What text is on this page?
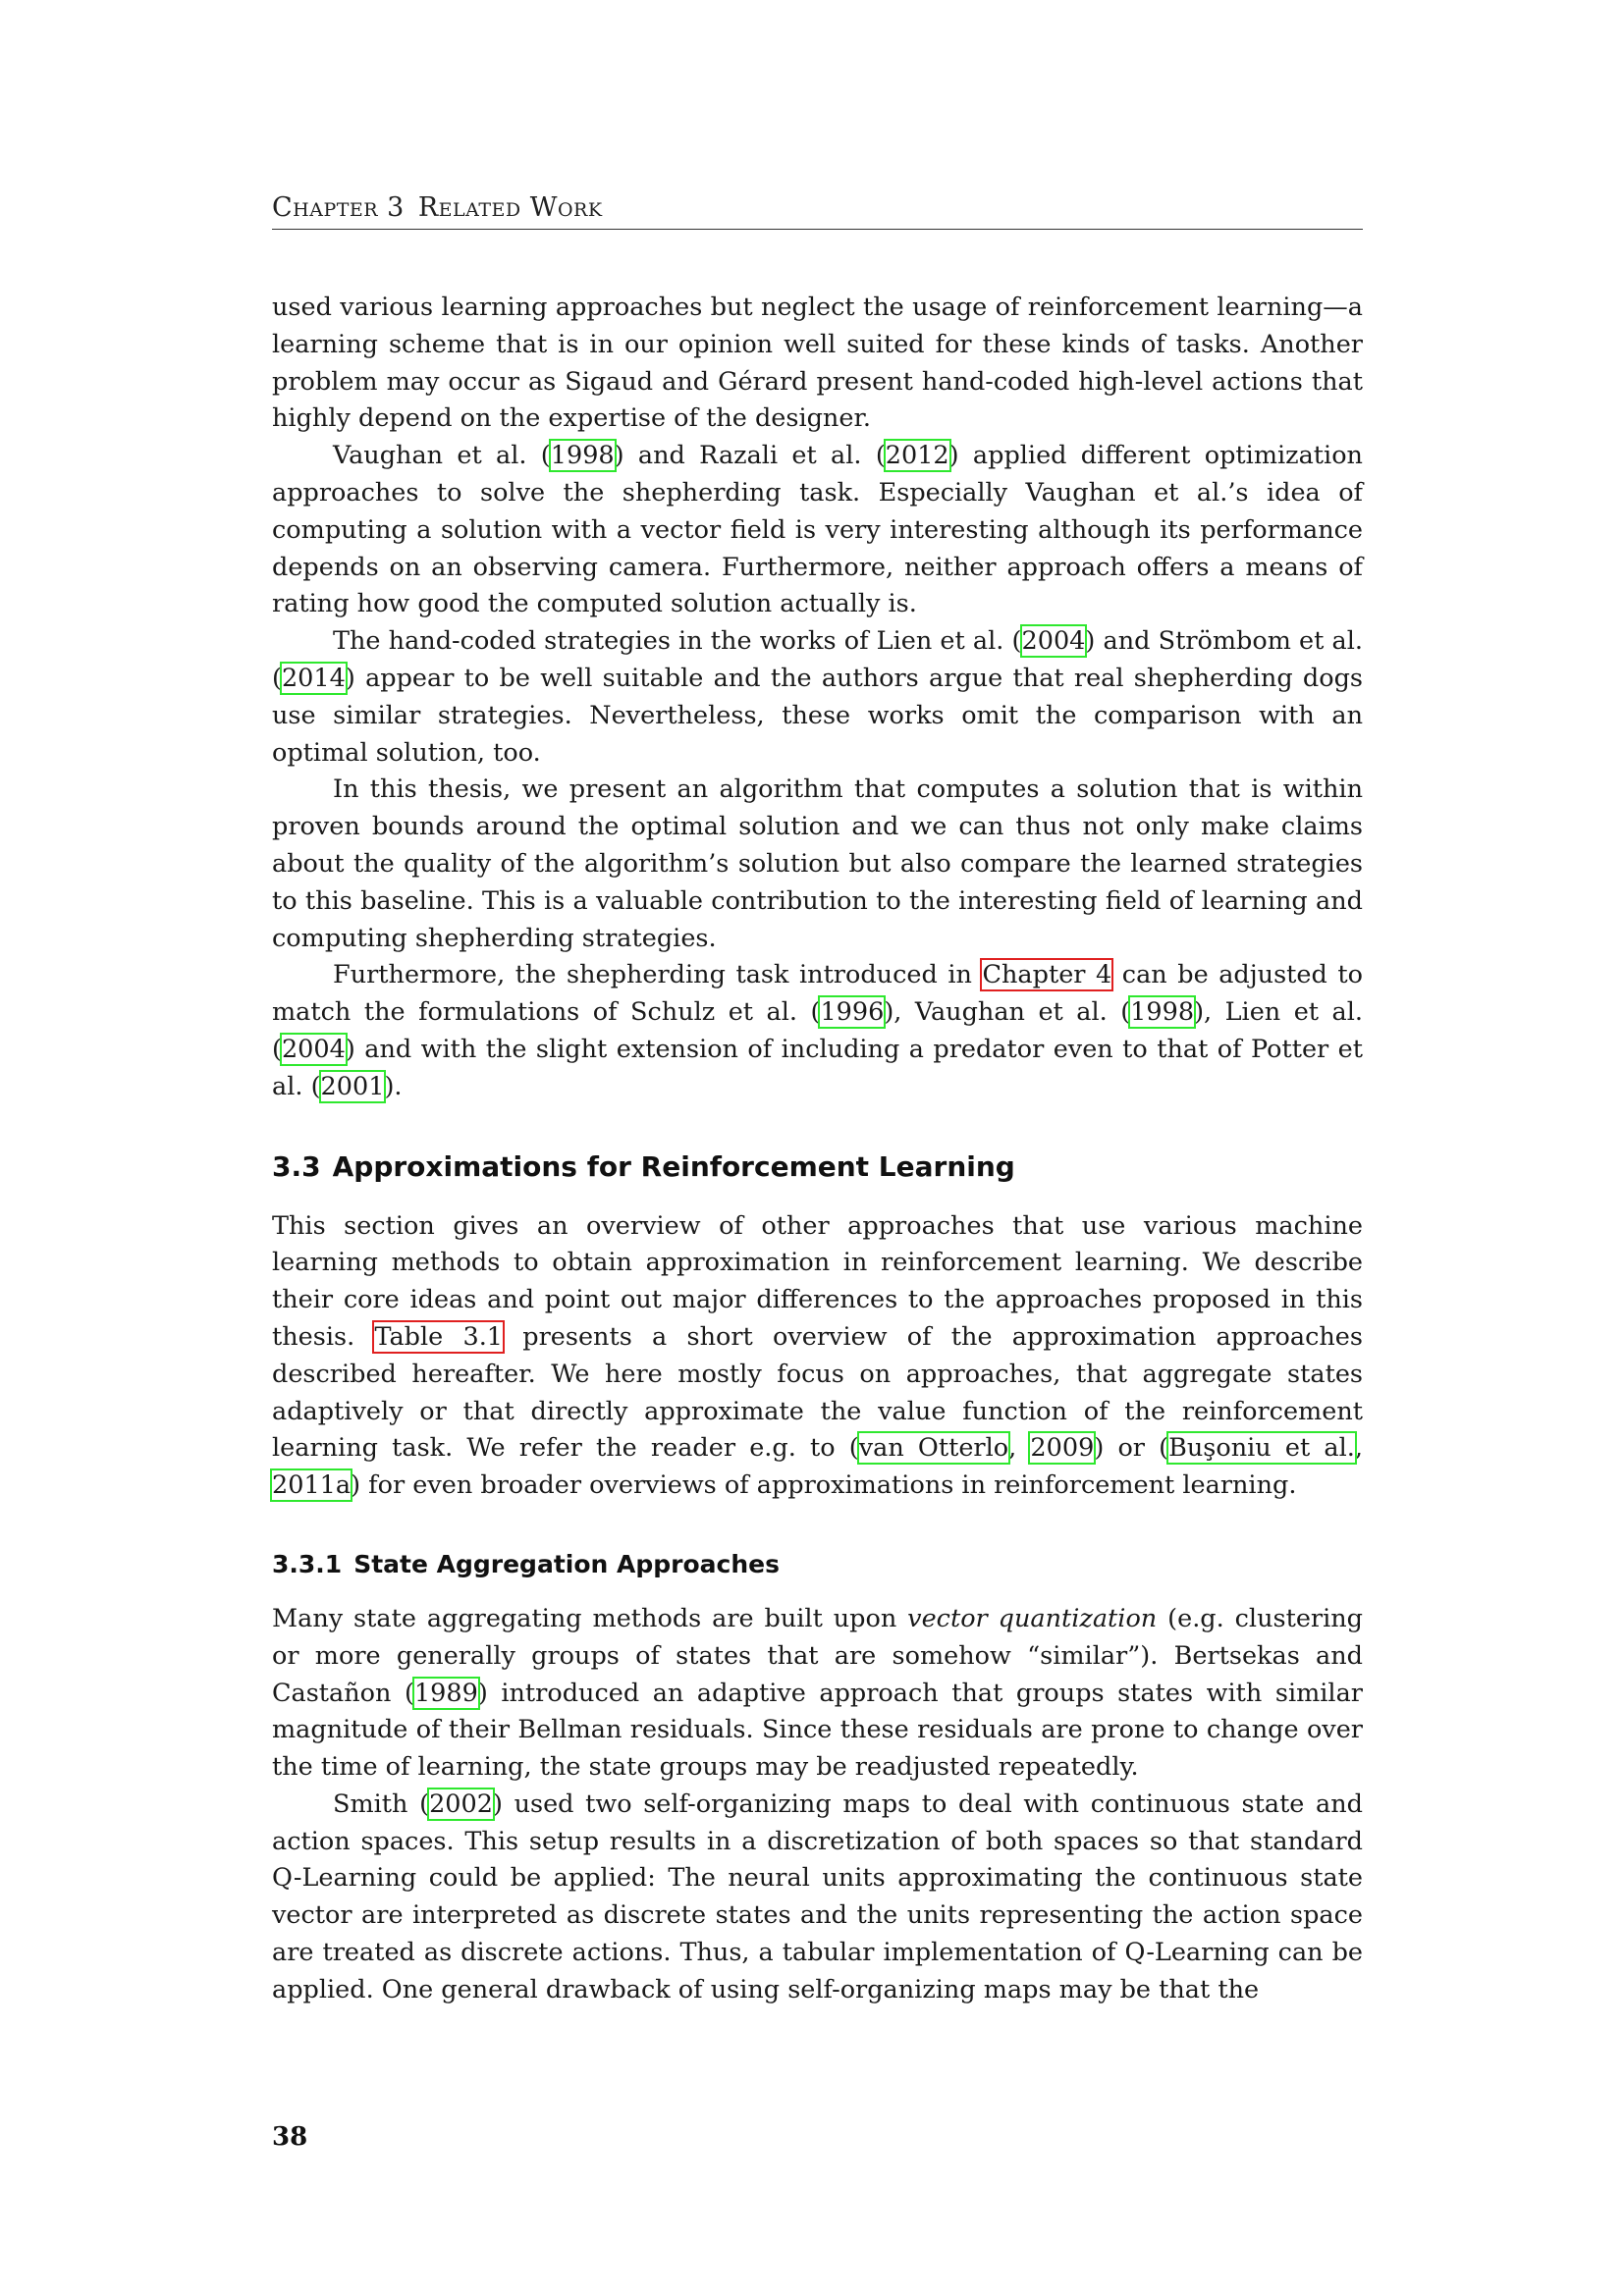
Chapter 3 Related Work

used various learning approaches but neglect the usage of reinforcement learning—a learning scheme that is in our opinion well suited for these kinds of tasks. Another problem may occur as Sigaud and Gérard present hand-coded high-level actions that highly depend on the expertise of the designer.

Vaughan et al. (1998) and Razali et al. (2012) applied different optimization approaches to solve the shepherding task. Especially Vaughan et al.’s idea of computing a solution with a vector field is very interesting although its performance depends on an observing camera. Furthermore, neither approach offers a means of rating how good the computed solution actually is.

The hand-coded strategies in the works of Lien et al. (2004) and Strömbom et al. (2014) appear to be well suitable and the authors argue that real shepherding dogs use similar strategies. Nevertheless, these works omit the comparison with an optimal solution, too.

In this thesis, we present an algorithm that computes a solution that is within proven bounds around the optimal solution and we can thus not only make claims about the quality of the algorithm’s solution but also compare the learned strategies to this baseline. This is a valuable contribution to the interesting field of learning and computing shepherding strategies.

Furthermore, the shepherding task introduced in Chapter 4 can be adjusted to match the formulations of Schulz et al. (1996), Vaughan et al. (1998), Lien et al. (2004) and with the slight extension of including a predator even to that of Potter et al. (2001).

3.3 Approximations for Reinforcement Learning

This section gives an overview of other approaches that use various machine learning methods to obtain approximation in reinforcement learning. We describe their core ideas and point out major differences to the approaches proposed in this thesis. Table 3.1 presents a short overview of the approximation approaches described hereafter. We here mostly focus on approaches, that aggregate states adaptively or that directly approximate the value function of the reinforcement learning task. We refer the reader e.g. to (van Otterlo, 2009) or (Buşoniu et al., 2011a) for even broader overviews of approximations in reinforcement learning.

3.3.1 State Aggregation Approaches

Many state aggregating methods are built upon vector quantization (e.g. clustering or more generally groups of states that are somehow “similar”). Bertsekas and Castañon (1989) introduced an adaptive approach that groups states with similar magnitude of their Bellman residuals. Since these residuals are prone to change over the time of learning, the state groups may be readjusted repeatedly.

Smith (2002) used two self-organizing maps to deal with continuous state and action spaces. This setup results in a discretization of both spaces so that standard Q-Learning could be applied: The neural units approximating the continuous state vector are interpreted as discrete states and the units representing the action space are treated as discrete actions. Thus, a tabular implementation of Q-Learning can be applied. One general drawback of using self-organizing maps may be that the

38
